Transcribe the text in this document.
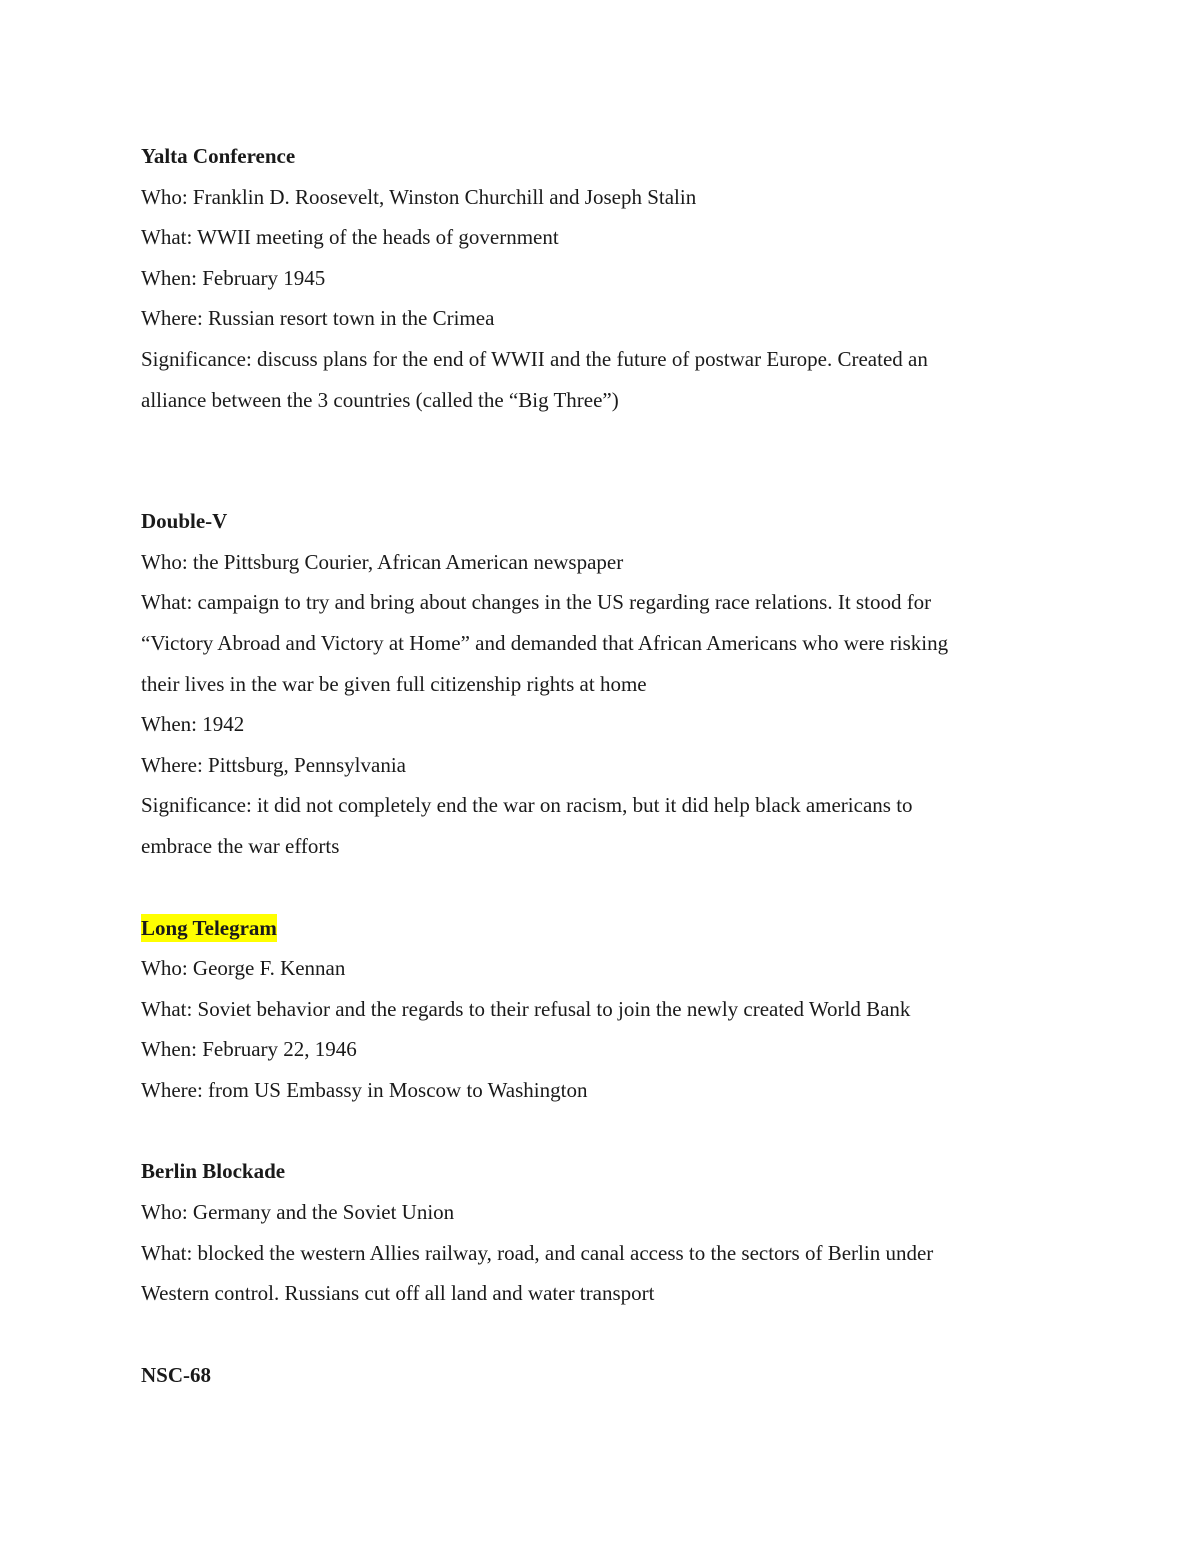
Yalta Conference

Who: Franklin D. Roosevelt, Winston Churchill and Joseph Stalin

What: WWII meeting of the heads of government

When: February 1945

Where: Russian resort town in the Crimea

Significance: discuss plans for the end of WWII and the future of postwar Europe. Created an

alliance between the 3 countries (called the “Big Three”)

Double-V

Who: the Pittsburg Courier, African American newspaper

What: campaign to try and bring about changes in the US regarding race relations. It stood for

“Victory Abroad and Victory at Home” and demanded that African Americans who were risking

their lives in the war be given full citizenship rights at home

When: 1942

Where: Pittsburg, Pennsylvania

Significance: it did not completely end the war on racism, but it did help black americans to

embrace the war efforts

Long Telegram

Who: George F. Kennan

What: Soviet behavior and the regards to their refusal to join the newly created World Bank

When: February 22, 1946

Where: from US Embassy in Moscow to Washington

Berlin Blockade

Who: Germany and the Soviet Union

What: blocked the western Allies railway, road, and canal access to the sectors of Berlin under

Western control. Russians cut off all land and water transport

NSC-68
